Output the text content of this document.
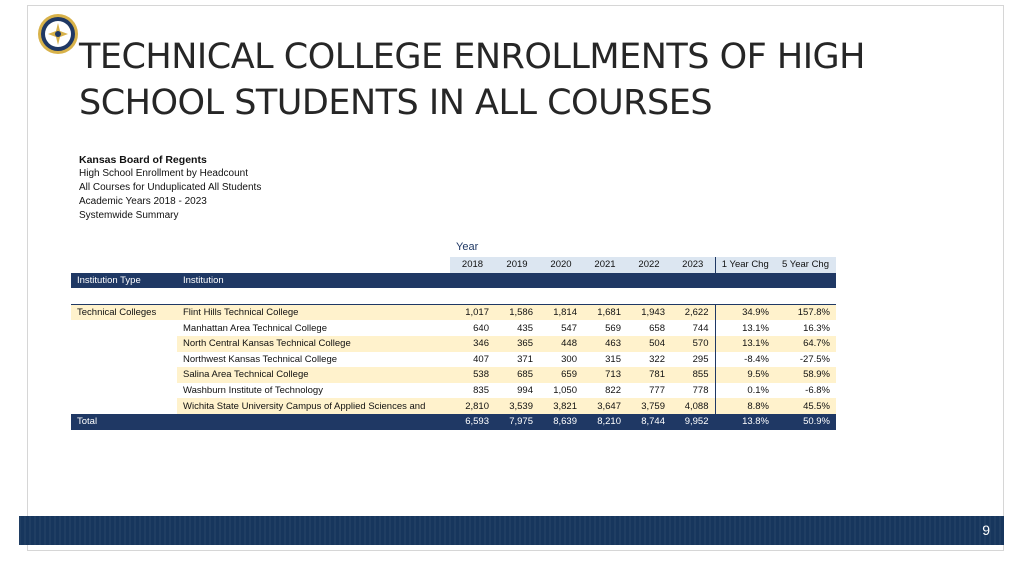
TECHNICAL COLLEGE ENROLLMENTS OF HIGH
SCHOOL STUDENTS IN ALL COURSES
Kansas Board of Regents
High School Enrollment by Headcount
All Courses for Unduplicated All Students
Academic Years 2018 - 2023
Systemwide Summary
Year
		2018	2019	2020	2021	2022	2023	1 Year Chg	5 Year Chg
Institution Type	Institution								

Technical Colleges	Flint Hills Technical College	1,017	1,586	1,814	1,681	1,943	2,622	34.9%	157.8%
	Manhattan Area Technical College	640	435	547	569	658	744	13.1%	16.3%
	North Central Kansas Technical College	346	365	448	463	504	570	13.1%	64.7%
	Northwest Kansas Technical College	407	371	300	315	322	295	-8.4%	-27.5%
	Salina Area Technical College	538	685	659	713	781	855	9.5%	58.9%
	Washburn Institute of Technology	835	994	1,050	822	777	778	0.1%	-6.8%
	Wichita State University Campus of Applied Sciences and	2,810	3,539	3,821	3,647	3,759	4,088	8.8%	45.5%
Total		6,593	7,975	8,639	8,210	8,744	9,952	13.8%	50.9%
9
